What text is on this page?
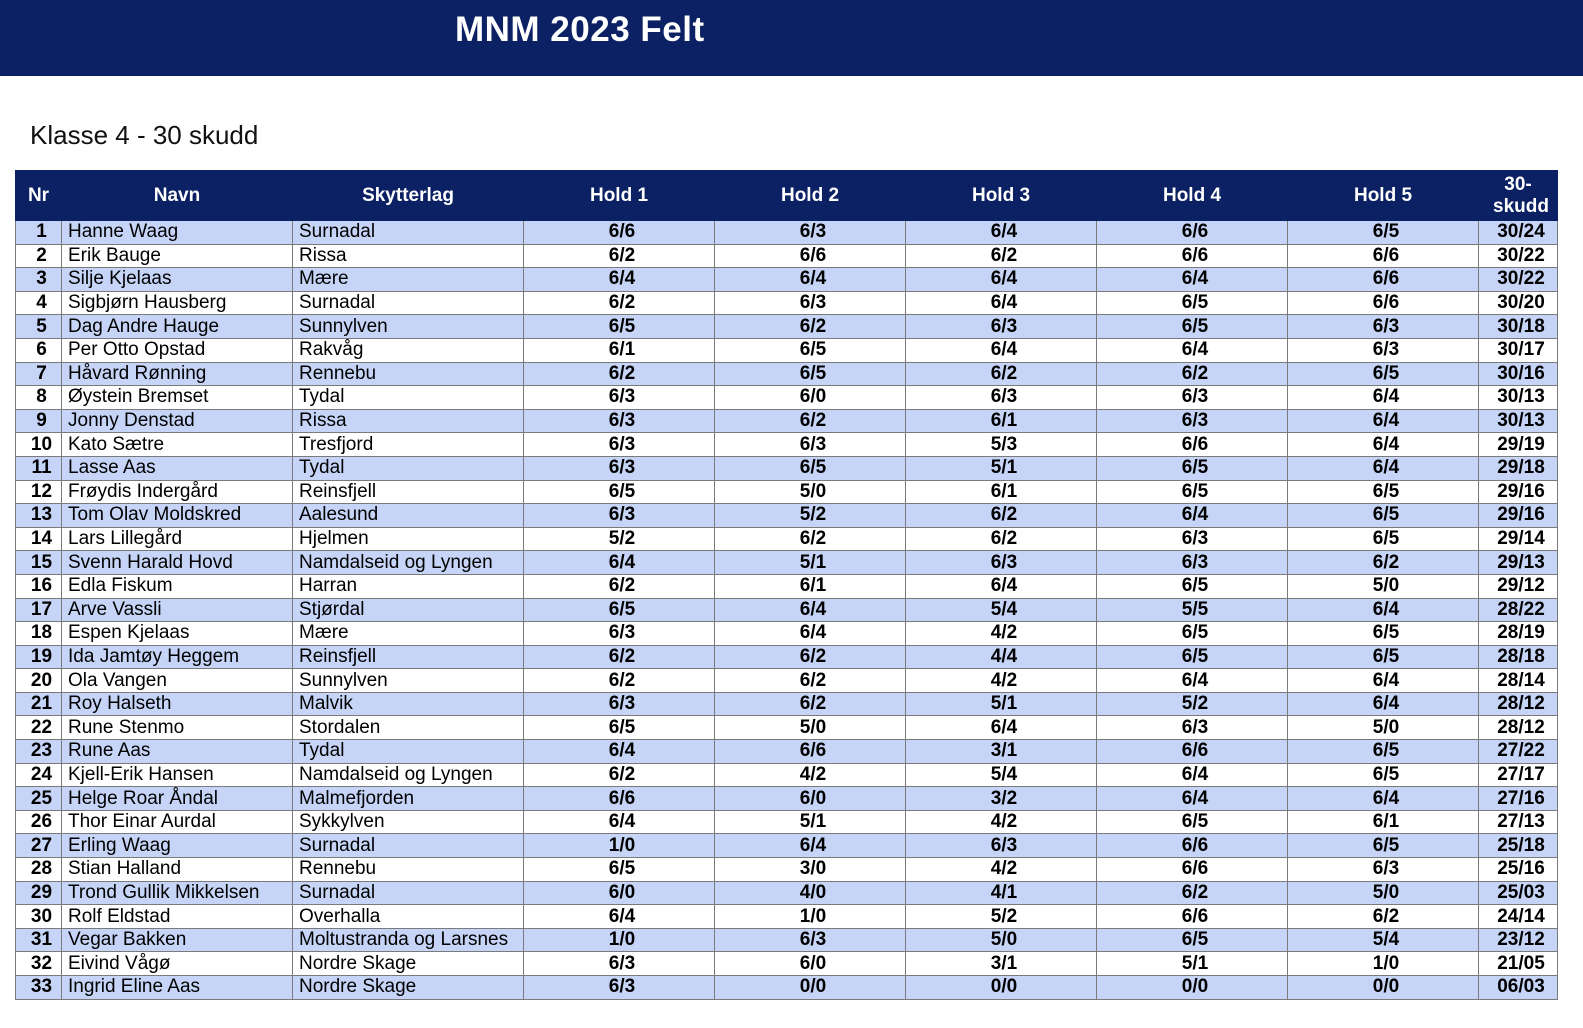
MNM 2023 Felt
Klasse 4 - 30 skudd
Nr	Navn	Skytterlag	Hold 1	Hold 2	Hold 3	Hold 4	Hold 5	30-skudd
1	Hanne Waag	Surnadal	6/6	6/3	6/4	6/6	6/5	30/24
2	Erik Bauge	Rissa	6/2	6/6	6/2	6/6	6/6	30/22
3	Silje Kjelaas	Mære	6/4	6/4	6/4	6/4	6/6	30/22
4	Sigbjørn Hausberg	Surnadal	6/2	6/3	6/4	6/5	6/6	30/20
5	Dag Andre Hauge	Sunnylven	6/5	6/2	6/3	6/5	6/3	30/18
6	Per Otto Opstad	Rakvåg	6/1	6/5	6/4	6/4	6/3	30/17
7	Håvard Rønning	Rennebu	6/2	6/5	6/2	6/2	6/5	30/16
8	Øystein Bremset	Tydal	6/3	6/0	6/3	6/3	6/4	30/13
9	Jonny Denstad	Rissa	6/3	6/2	6/1	6/3	6/4	30/13
10	Kato Sætre	Tresfjord	6/3	6/3	5/3	6/6	6/4	29/19
11	Lasse Aas	Tydal	6/3	6/5	5/1	6/5	6/4	29/18
12	Frøydis Indergård	Reinsfjell	6/5	5/0	6/1	6/5	6/5	29/16
13	Tom Olav Moldskred	Aalesund	6/3	5/2	6/2	6/4	6/5	29/16
14	Lars Lillegård	Hjelmen	5/2	6/2	6/2	6/3	6/5	29/14
15	Svenn Harald Hovd	Namdalseid og Lyngen	6/4	5/1	6/3	6/3	6/2	29/13
16	Edla Fiskum	Harran	6/2	6/1	6/4	6/5	5/0	29/12
17	Arve Vassli	Stjørdal	6/5	6/4	5/4	5/5	6/4	28/22
18	Espen Kjelaas	Mære	6/3	6/4	4/2	6/5	6/5	28/19
19	Ida Jamtøy Heggem	Reinsfjell	6/2	6/2	4/4	6/5	6/5	28/18
20	Ola Vangen	Sunnylven	6/2	6/2	4/2	6/4	6/4	28/14
21	Roy Halseth	Malvik	6/3	6/2	5/1	5/2	6/4	28/12
22	Rune Stenmo	Stordalen	6/5	5/0	6/4	6/3	5/0	28/12
23	Rune Aas	Tydal	6/4	6/6	3/1	6/6	6/5	27/22
24	Kjell-Erik Hansen	Namdalseid og Lyngen	6/2	4/2	5/4	6/4	6/5	27/17
25	Helge Roar Åndal	Malmefjorden	6/6	6/0	3/2	6/4	6/4	27/16
26	Thor Einar Aurdal	Sykkylven	6/4	5/1	4/2	6/5	6/1	27/13
27	Erling Waag	Surnadal	1/0	6/4	6/3	6/6	6/5	25/18
28	Stian Halland	Rennebu	6/5	3/0	4/2	6/6	6/3	25/16
29	Trond Gullik Mikkelsen	Surnadal	6/0	4/0	4/1	6/2	5/0	25/03
30	Rolf Eldstad	Overhalla	6/4	1/0	5/2	6/6	6/2	24/14
31	Vegar Bakken	Moltustranda og Larsnes	1/0	6/3	5/0	6/5	5/4	23/12
32	Eivind Vågø	Nordre Skage	6/3	6/0	3/1	5/1	1/0	21/05
33	Ingrid Eline Aas	Nordre Skage	6/3	0/0	0/0	0/0	0/0	06/03
